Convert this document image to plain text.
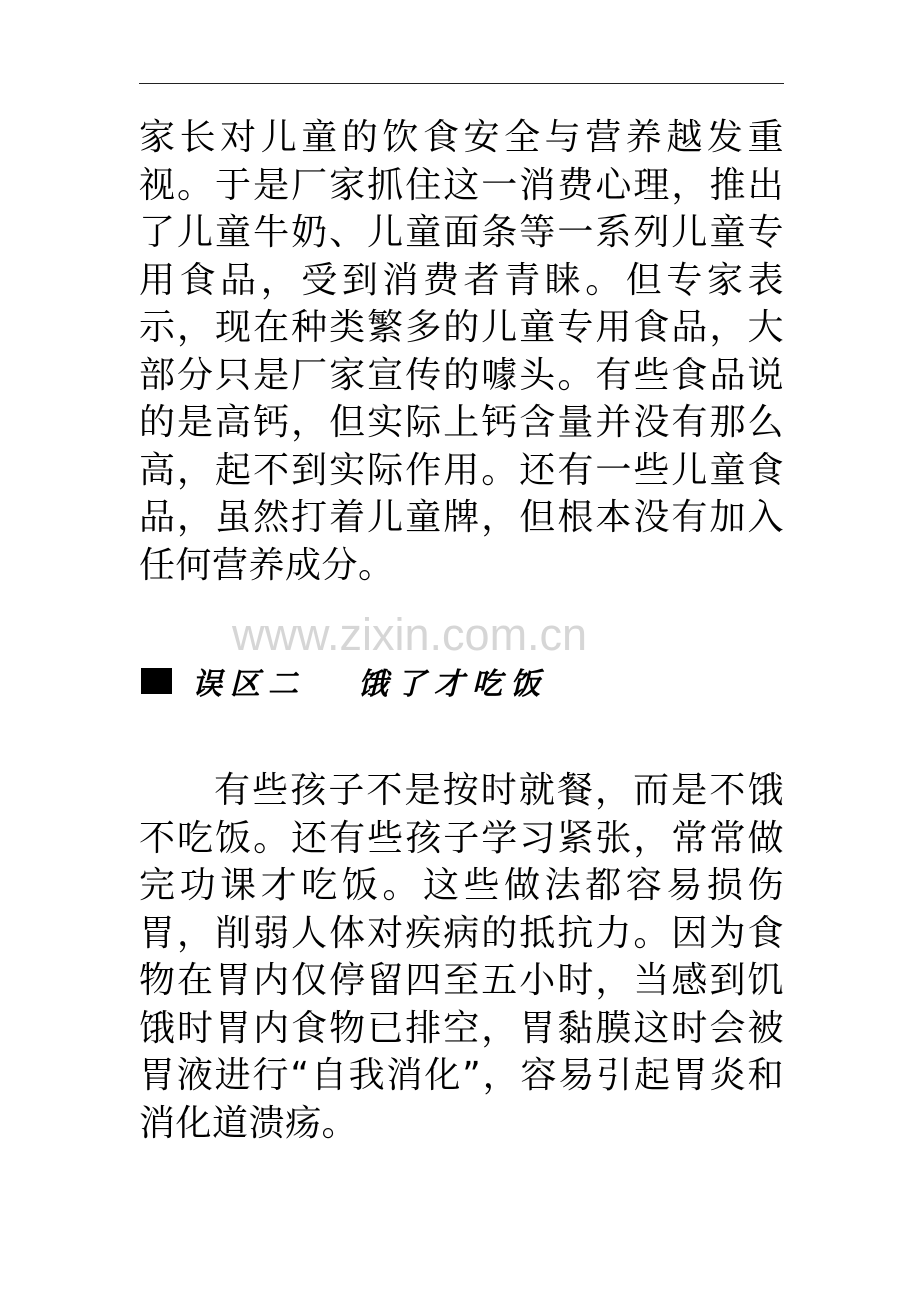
家长对儿童的饮食安全与营养越发重视。于是厂家抓住这一消费心理，推出了儿童牛奶、儿童面条等一系列儿童专用食品，受到消费者青睐。但专家表示，现在种类繁多的儿童专用食品，大部分只是厂家宣传的噱头。有些食品说的是高钙，但实际上钙含量并没有那么高，起不到实际作用。还有一些儿童食品，虽然打着儿童牌，但根本没有加入任何营养成分。

www.zixin.com.cn
误区二 饿了才吃饭

有些孩子不是按时就餐，而是不饿不吃饭。还有些孩子学习紧张，常常做完功课才吃饭。这些做法都容易损伤胃，削弱人体对疾病的抵抗力。因为食物在胃内仅停留四至五小时，当感到饥饿时胃内食物已排空，胃黏膜这时会被胃液进行“自我消化”，容易引起胃炎和消化道溃疡。
